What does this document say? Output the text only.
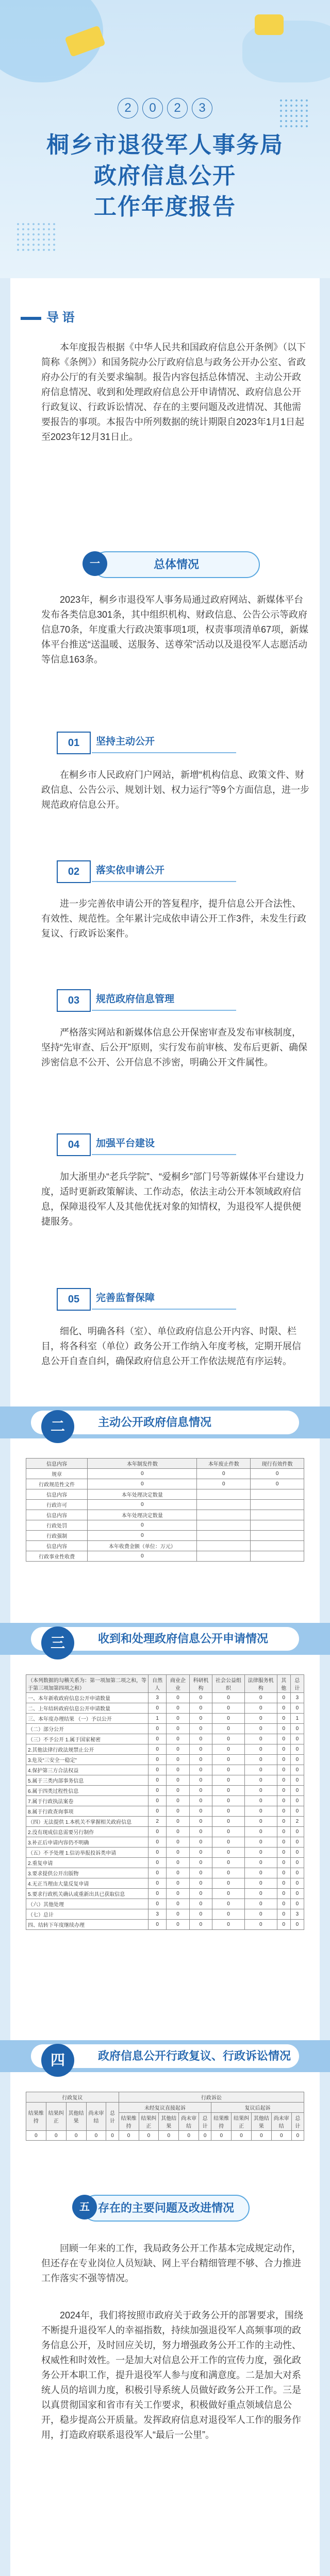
2 0 2 3
桐乡市退役军人事务局
政府信息公开
工作年度报告
导 语

本年度报告根据《中华人民共和国政府信息公开条例》（以下简称《条例》）和国务院办公厅政府信息与政务公开办公室、省政府办公厅的有关要求编制。报告内容包括总体情况、主动公开政府信息情况、收到和处理政府信息公开申请情况、政府信息公开行政复议、行政诉讼情况、存在的主要问题及改进情况、其他需要报告的事项。本报告中所列数据的统计期限自2023年1月1日起至2023年12月31日止。

一	总体情况

2023年，桐乡市退役军人事务局通过政府网站、新媒体平台发布各类信息301条，其中组织机构、财政信息、公告公示等政府信息70条，年度重大行政决策事项1项，权责事项清单67项，新媒体平台推送“送温暖、送服务、送尊荣”活动以及退役军人志愿活动等信息163条。

01	坚持主动公开

在桐乡市人民政府门户网站，新增“机构信息、政策文件、财政信息、公告公示、规划计划、权力运行”等9个方面信息，进一步规范政府信息公开。

02	落实依申请公开

进一步完善依申请公开的答复程序，提升信息公开合法性、有效性、规范性。全年累计完成依申请公开工作3件，未发生行政复议、行政诉讼案件。

03	规范政府信息管理

严格落实网站和新媒体信息公开保密审查及发布审核制度，坚持“先审查、后公开”原则，实行发布前审核、发布后更新、确保涉密信息不公开、公开信息不涉密，明确公开文件属性。

04	加强平台建设

加大浙里办“老兵学院”、“爱桐乡”部门号等新媒体平台建设力度，适时更新政策解读、工作动态，依法主动公开本领域政府信息，保障退役军人及其他优抚对象的知情权，为退役军人提供便捷服务。

05	完善监督保障

细化、明确各科（室）、单位政府信息公开内容、时限、栏目，将各科室（单位）政务公开工作纳入年度考核，定期开展信息公开自查自纠，确保政府信息公开工作依法规范有序运转。

二	主动公开政府信息情况
信息内容	本年制发件数	本年废止件数	现行有效件数
规章	0	0	0
行政规范性文件	0	0	0
信息内容	本年处理决定数量		
行政许可	0		
信息内容	本年处理决定数量		
行政处罚	0		
行政强制	0		
信息内容	本年收费金额（单位：万元）		
行政事业性收费	0		
三	收到和处理政府信息公开申请情况
（本列数据的勾稽关系为：第一项加第二项之和，等于第三项加第四项之和）	自然人	商业企业	科研机构	社会公益组织	法律服务机构	其他	总计
一、本年新收政府信息公开申请数量	3	0	0	0	0	0	3
二、上年结转政府信息公开申请数量	0	0	0	0	0	0	0
三、本年度办理结果 （一）予以公开	1	0	0	0	0	0	1
（二）部分公开	0	0	0	0	0	0	0
（三）不予公开 1.属于国家秘密	0	0	0	0	0	0	0
2.其他法律行政法规禁止公开	0	0	0	0	0	0	0
3.危及“三安全一稳定”	0	0	0	0	0	0	0
4.保护第三方合法权益	0	0	0	0	0	0	0
5.属于三类内部事务信息	0	0	0	0	0	0	0
6.属于四类过程性信息	0	0	0	0	0	0	0
7.属于行政执法案卷	0	0	0	0	0	0	0
8.属于行政查询事项	0	0	0	0	0	0	0
（四）无法提供 1.本机关不掌握相关政府信息	2	0	0	0	0	0	2
2.没有现成信息需要另行制作	0	0	0	0	0	0	0
3.补正后申请内容仍不明确	0	0	0	0	0	0	0
（五）不予处理 1.信访举报投诉类申请	0	0	0	0	0	0	0
2.重复申请	0	0	0	0	0	0	0
3.要求提供公开出版物	0	0	0	0	0	0	0
4.无正当理由大量反复申请	0	0	0	0	0	0	0
5.要求行政机关确认或重新出具已获取信息	0	0	0	0	0	0	0
（六）其他处理	0	0	0	0	0	0	0
（七）总计	3	0	0	0	0	0	3
四、结转下年度继续办理	0	0	0	0	0	0	0
四	政府信息公开行政复议、行政诉讼情况
行政复议					行政诉讼									
结果维持	结果纠正	其他结果	尚未审结	总计	未经复议直接起诉					复议后起诉				
					结果维持	结果纠正	其他结果	尚未审结	总计	结果维持	结果纠正	其他结果	尚未审结	总计
0	0	0	0	0	0	0	0	0	0	0	0	0	0	0
五 存在的主要问题及改进情况

回顾一年来的工作，我局政务公开工作基本完成规定动作，但还存在专业岗位人员短缺、网上平台精细管理不够、合力推进工作落实不强等情况。

2024年，我们将按照市政府关于政务公开的部署要求，围绕不断提升退役军人的幸福指数，持续加强退役军人高频事项的政务信息公开，及时回应关切，努力增强政务公开工作的主动性、权威性和时效性。一是加大对信息公开工作的宣传力度，强化政务公开本职工作，提升退役军人参与度和满意度。二是加大对系统人员的培训力度，积极引导系统人员做好政务公开工作。三是以真贯彻国家和省市有关工作要求，积极做好重点领域信息公开，稳步提高公开质量。发挥政府信息对退役军人工作的服务作用，打造政府联系退役军人“最后一公里”。
